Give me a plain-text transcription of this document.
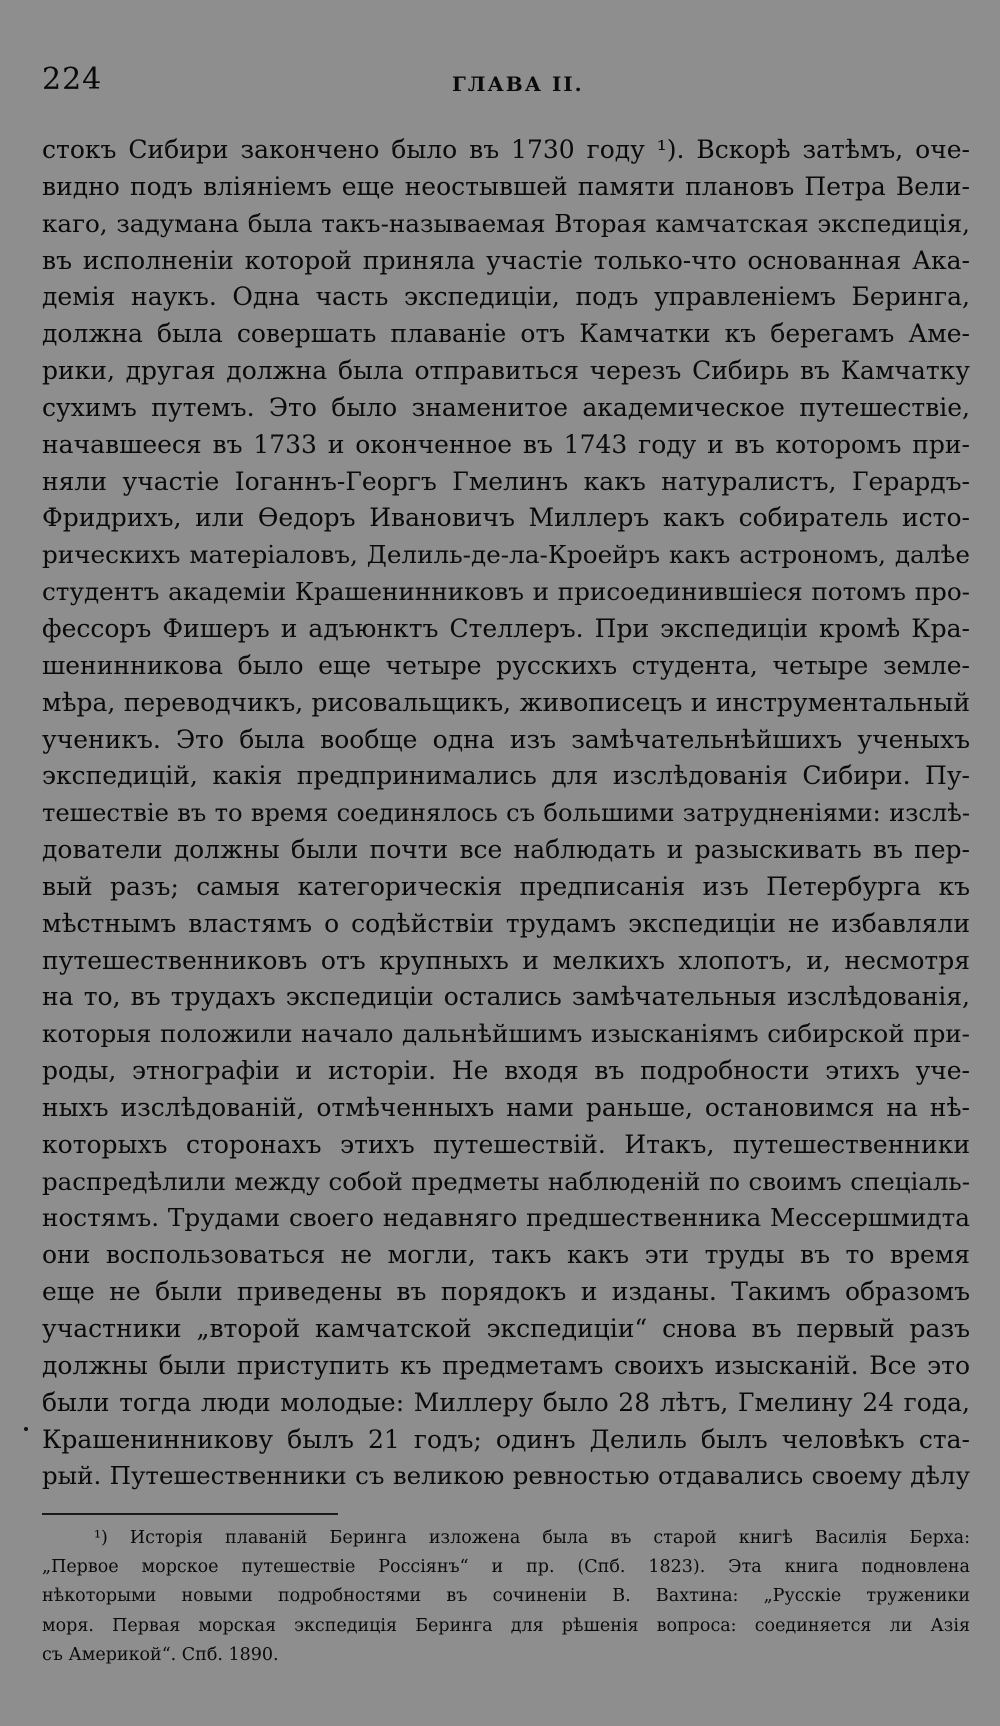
224	ГЛАВА II.
стокъ Сибири закончено было въ 1730 году ¹). Вскорѣ затѣмъ, оче-
видно подъ вліяніемъ еще неостывшей памяти плановъ Петра Вели-
каго, задумана была такъ-называемая Вторая камчатская экспедиція,
въ исполненіи которой приняла участіе только-что основанная Ака-
демія наукъ. Одна часть экспедиціи, подъ управленіемъ Беринга,
должна была совершать плаваніе отъ Камчатки къ берегамъ Аме-
рики, другая должна была отправиться черезъ Сибирь въ Камчатку
сухимъ путемъ. Это было знаменитое академическое путешествіе,
начавшееся въ 1733 и оконченное въ 1743 году и въ которомъ при-
няли участіе Іоганнъ-Георгъ Гмелинъ какъ натуралистъ, Герардъ-
Фридрихъ, или Ѳедоръ Ивановичъ Миллеръ какъ собиратель исто-
рическихъ матеріаловъ, Делиль-де-ла-Кроейръ какъ астрономъ, далѣе
студентъ академіи Крашенинниковъ и присоединившіеся потомъ про-
фессоръ Фишеръ и адъюнктъ Стеллеръ. При экспедиціи кромѣ Кра-
шенинникова было еще четыре русскихъ студента, четыре земле-
мѣра, переводчикъ, рисовальщикъ, живописецъ и инструментальный
ученикъ. Это была вообще одна изъ замѣчательнѣйшихъ ученыхъ
экспедицій, какія предпринимались для изслѣдованія Сибири. Пу-
тешествіе въ то время соединялось съ большими затрудненіями: изслѣ-
дователи должны были почти все наблюдать и разыскивать въ пер-
вый разъ; самыя категорическія предписанія изъ Петербурга къ
мѣстнымъ властямъ о содѣйствіи трудамъ экспедиціи не избавляли
путешественниковъ отъ крупныхъ и мелкихъ хлопотъ, и, несмотря
на то, въ трудахъ экспедиціи остались замѣчательныя изслѣдованія,
которыя положили начало дальнѣйшимъ изысканіямъ сибирской при-
роды, этнографіи и исторіи. Не входя въ подробности этихъ уче-
ныхъ изслѣдованій, отмѣченныхъ нами раньше, остановимся на нѣ-
которыхъ сторонахъ этихъ путешествій. Итакъ, путешественники
распредѣлили между собой предметы наблюденій по своимъ спеціаль-
ностямъ. Трудами своего недавняго предшественника Мессершмидта
они воспользоваться не могли, такъ какъ эти труды въ то время
еще не были приведены въ порядокъ и изданы. Такимъ образомъ
участники „второй камчатской экспедиціи“ снова въ первый разъ
должны были приступить къ предметамъ своихъ изысканій. Все это
были тогда люди молодые: Миллеру было 28 лѣтъ, Гмелину 24 года,
Крашенинникову былъ 21 годъ; одинъ Делиль былъ человѣкъ ста-
рый. Путешественники съ великою ревностью отдавались своему дѣлу
¹) Исторія плаваній Беринга изложена была въ старой книгѣ Василія Берха:
„Первое морское путешествіе Россіянъ“ и пр. (Спб. 1823). Эта книга подновлена
нѣкоторыми новыми подробностями въ сочиненіи В. Вахтина: „Русскіе труженики
моря. Первая морская экспедиція Беринга для рѣшенія вопроса: соединяется ли Азія
съ Америкой“. Спб. 1890.
